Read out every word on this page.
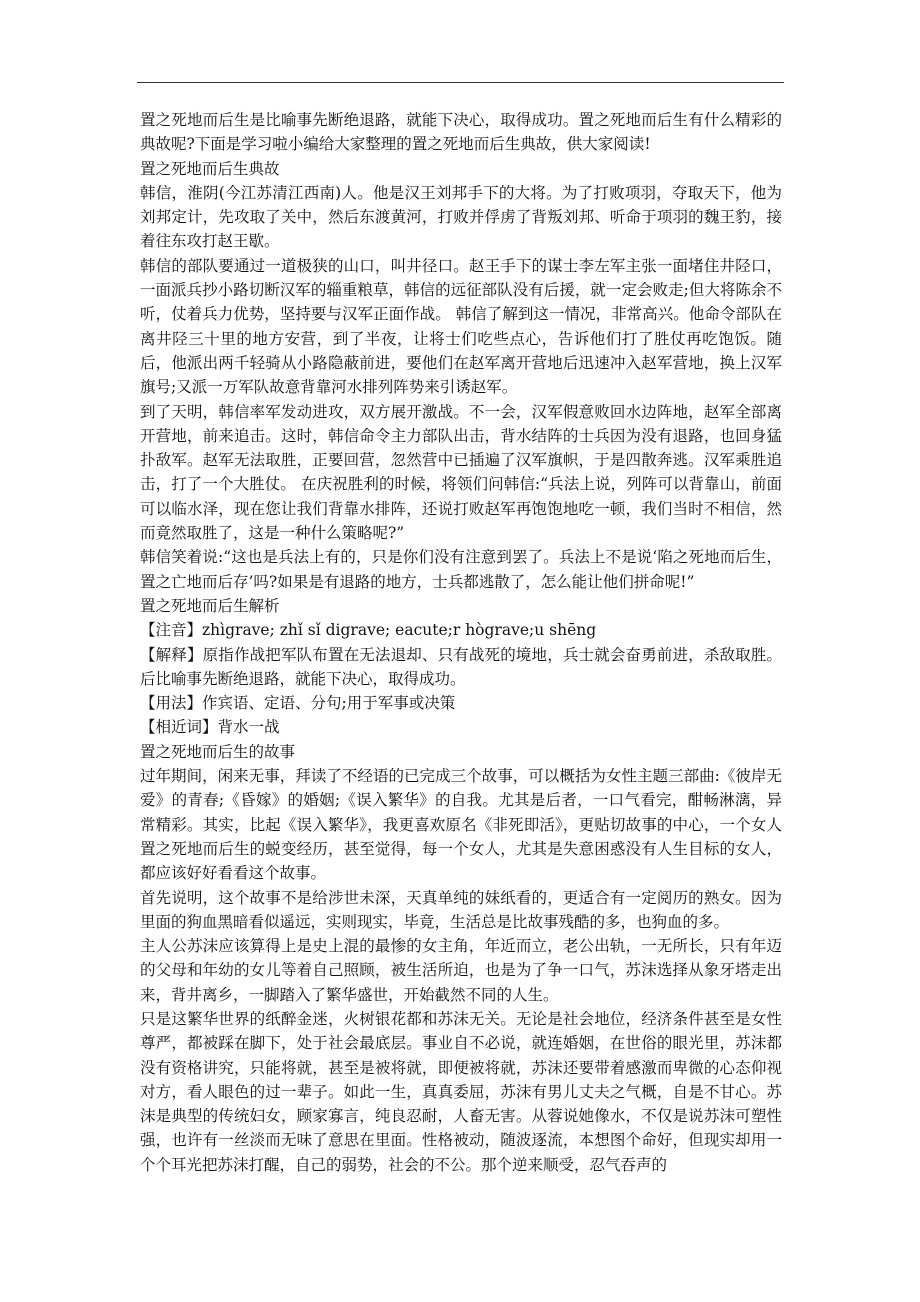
置之死地而后生是比喻事先断绝退路，就能下决心，取得成功。置之死地而后生有什么精彩的典故呢?下面是学习啦小编给大家整理的置之死地而后生典故，供大家阅读!

置之死地而后生典故

韩信，淮阴(今江苏清江西南)人。他是汉王刘邦手下的大将。为了打败项羽，夺取天下，他为刘邦定计，先攻取了关中，然后东渡黄河，打败并俘虏了背叛刘邦、听命于项羽的魏王豹，接着往东攻打赵王歇。

韩信的部队要通过一道极狭的山口，叫井径口。赵王手下的谋士李左军主张一面堵住井陉口，一面派兵抄小路切断汉军的辎重粮草，韩信的远征部队没有后援，就一定会败走;但大将陈余不听，仗着兵力优势，坚持要与汉军正面作战。 韩信了解到这一情况，非常高兴。他命令部队在离井陉三十里的地方安营，到了半夜，让将士们吃些点心，告诉他们打了胜仗再吃饱饭。随后，他派出两千轻骑从小路隐蔽前进，要他们在赵军离开营地后迅速冲入赵军营地，换上汉军旗号;又派一万军队故意背靠河水排列阵势来引诱赵军。

到了天明，韩信率军发动进攻，双方展开激战。不一会，汉军假意败回水边阵地，赵军全部离开营地，前来追击。这时，韩信命令主力部队出击，背水结阵的士兵因为没有退路，也回身猛扑敌军。赵军无法取胜，正要回营，忽然营中已插遍了汉军旗帜，于是四散奔逃。汉军乘胜追击，打了一个大胜仗。 在庆祝胜利的时候，将领们问韩信:“兵法上说，列阵可以背靠山，前面可以临水泽，现在您让我们背靠水排阵，还说打败赵军再饱饱地吃一顿，我们当时不相信，然而竟然取胜了，这是一种什么策略呢?”

韩信笑着说:“这也是兵法上有的，只是你们没有注意到罢了。兵法上不是说‘陷之死地而后生，置之亡地而后存’吗?如果是有退路的地方，士兵都逃散了，怎么能让他们拼命呢!”

置之死地而后生解析

【注音】zhìgrave; zhǐ sǐ digrave; eacute;r hògrave;u shēng

【解释】原指作战把军队布置在无法退却、只有战死的境地，兵士就会奋勇前进，杀敌取胜。后比喻事先断绝退路，就能下决心，取得成功。

【用法】作宾语、定语、分句;用于军事或决策

【相近词】背水一战

置之死地而后生的故事

过年期间，闲来无事，拜读了不经语的已完成三个故事，可以概括为女性主题三部曲:《彼岸无爱》的青春;《昏嫁》的婚姻;《误入繁华》的自我。尤其是后者，一口气看完，酣畅淋漓，异常精彩。其实，比起《误入繁华》，我更喜欢原名《非死即活》，更贴切故事的中心，一个女人置之死地而后生的蜕变经历，甚至觉得，每一个女人，尤其是失意困惑没有人生目标的女人，都应该好好看看这个故事。

首先说明，这个故事不是给涉世未深，天真单纯的妹纸看的，更适合有一定阅历的熟女。因为里面的狗血黑暗看似遥远，实则现实，毕竟，生活总是比故事残酷的多，也狗血的多。

主人公苏沫应该算得上是史上混的最惨的女主角，年近而立，老公出轨，一无所长，只有年迈的父母和年幼的女儿等着自己照顾，被生活所迫，也是为了争一口气，苏沫选择从象牙塔走出来，背井离乡，一脚踏入了繁华盛世，开始截然不同的人生。

只是这繁华世界的纸醉金迷，火树银花都和苏沫无关。无论是社会地位，经济条件甚至是女性尊严，都被踩在脚下，处于社会最底层。事业自不必说，就连婚姻，在世俗的眼光里，苏沫都没有资格讲究，只能将就，甚至是被将就，即便被将就，苏沫还要带着感激而卑微的心态仰视对方，看人眼色的过一辈子。如此一生，真真委屈，苏沫有男儿丈夫之气概，自是不甘心。苏沫是典型的传统妇女，顾家寡言，纯良忍耐，人畜无害。从蓉说她像水，不仅是说苏沫可塑性强，也许有一丝淡而无味了意思在里面。性格被动，随波逐流，本想图个命好，但现实却用一个个耳光把苏沫打醒，自己的弱势，社会的不公。那个逆来顺受，忍气吞声的
